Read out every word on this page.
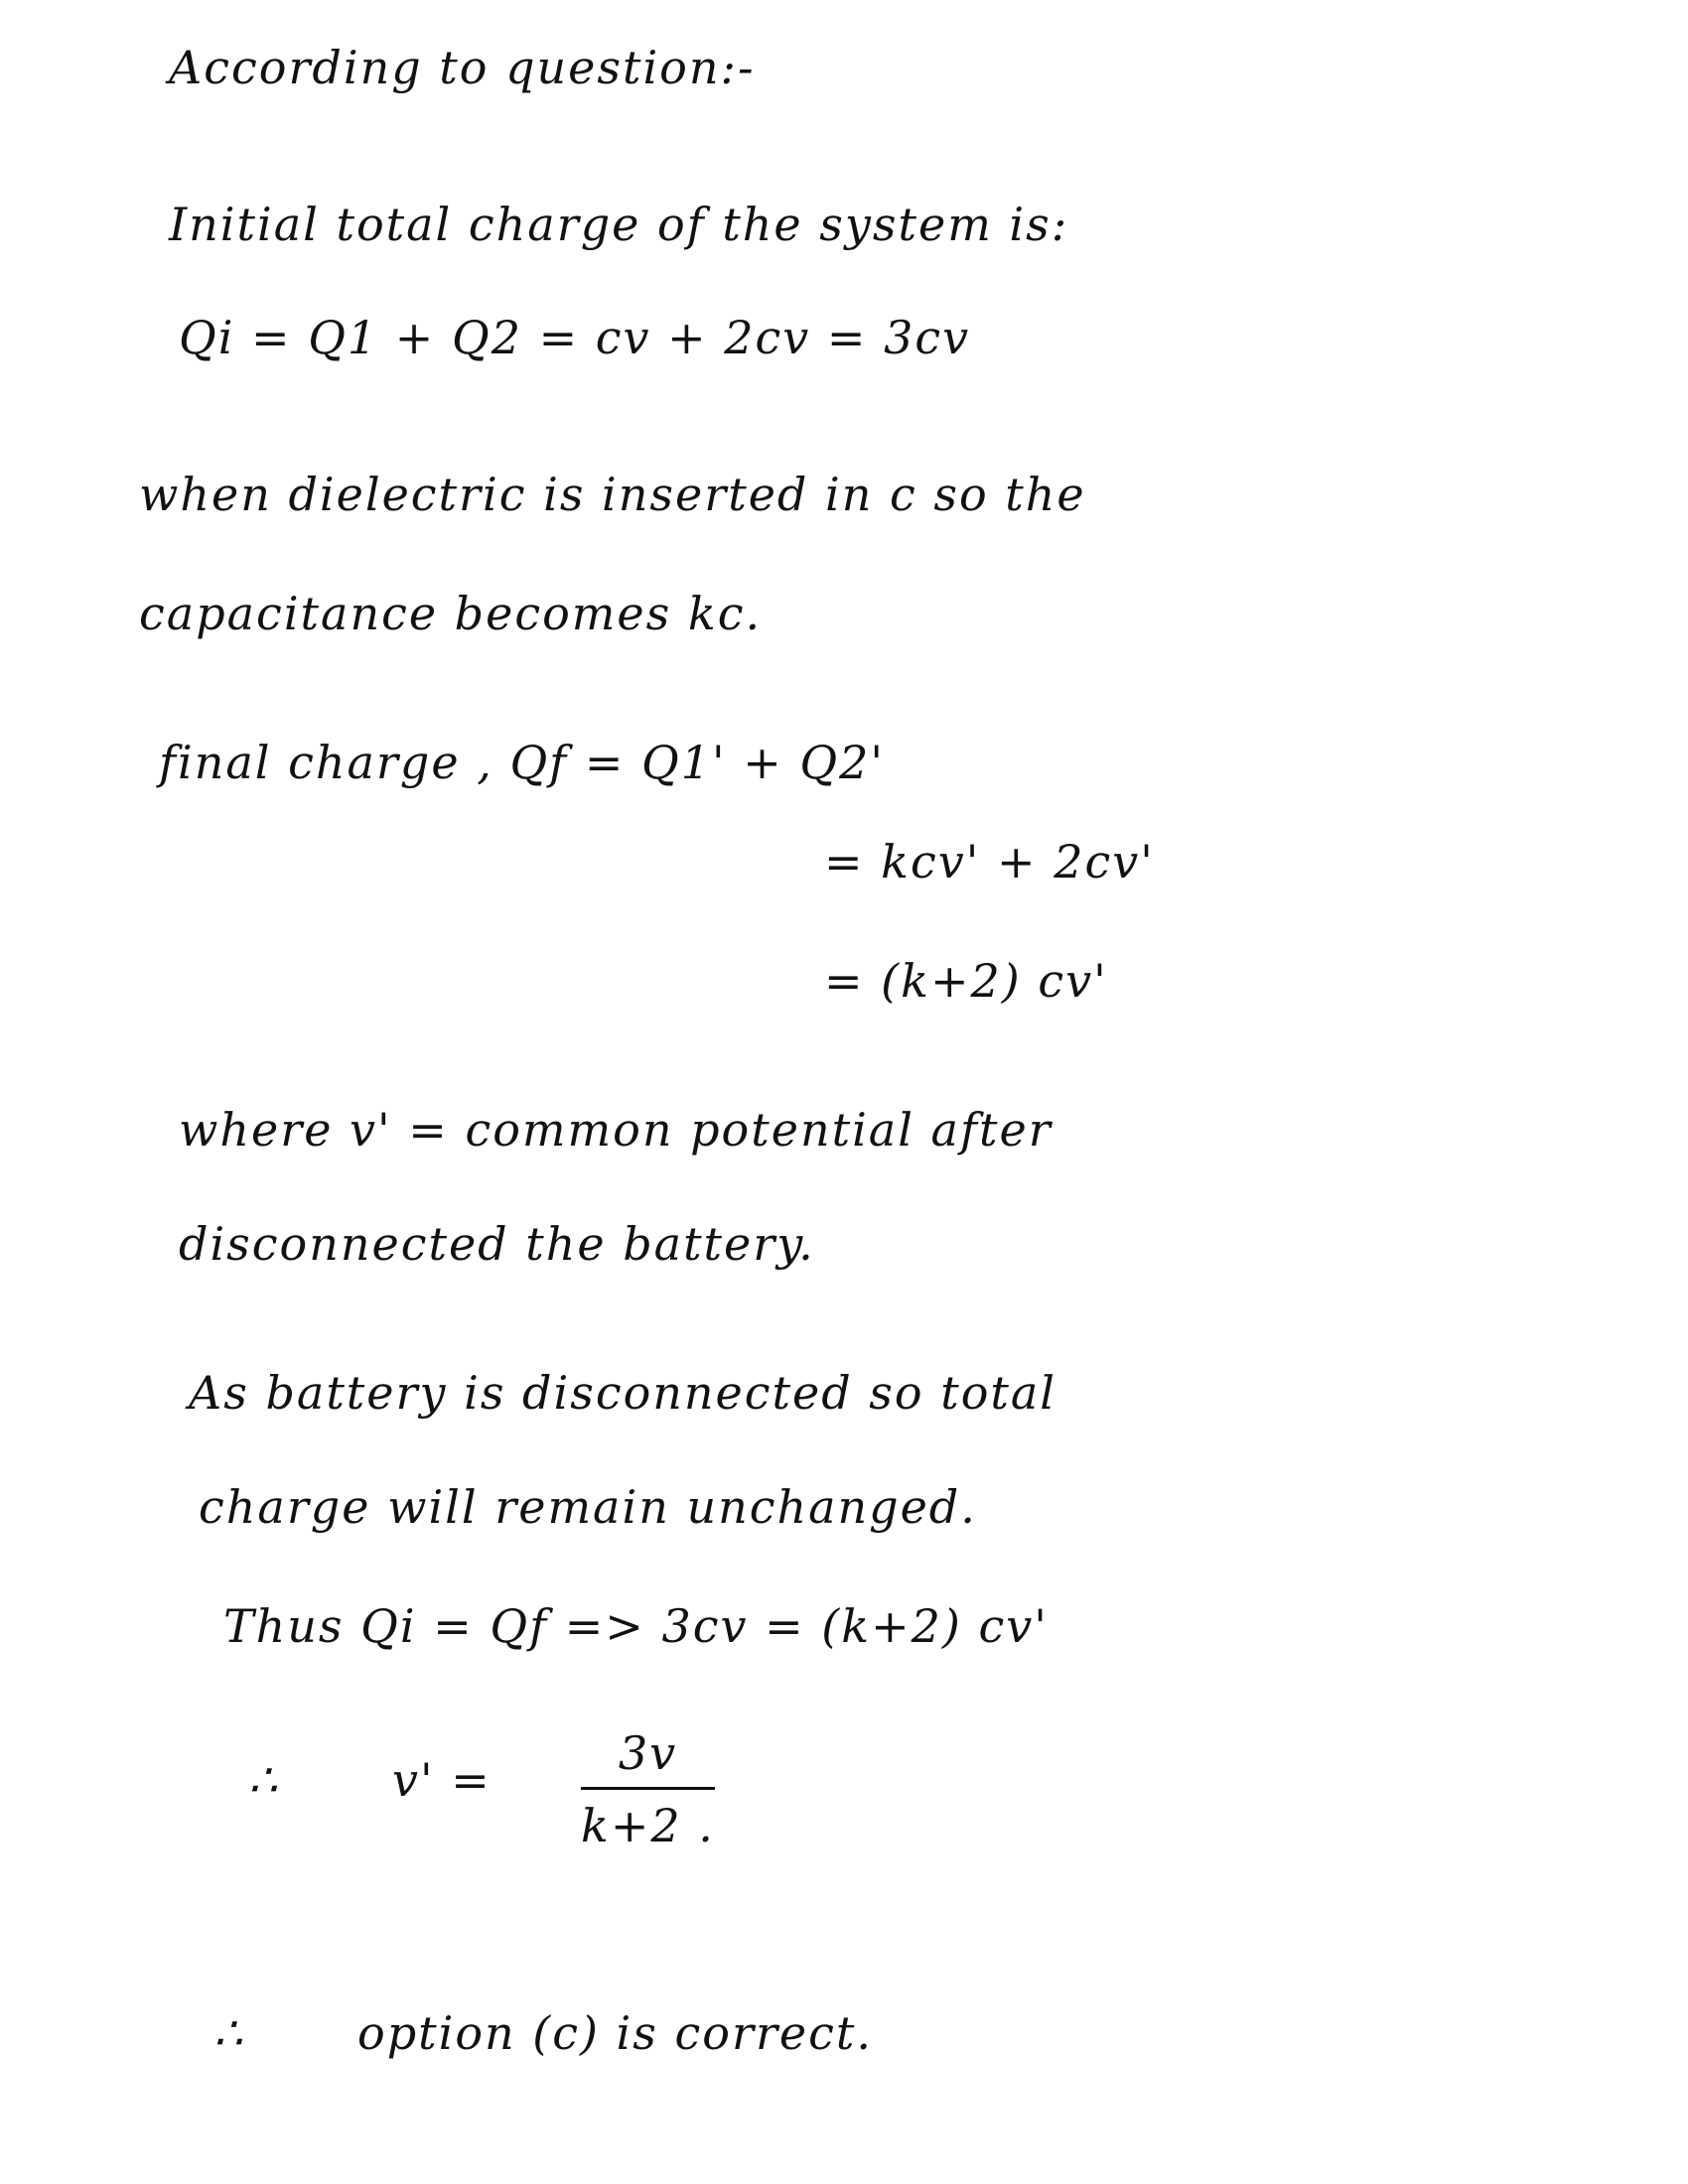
According to question:-
Initial total charge of the system is:
Qi = Q1 + Q2 = cv + 2cv = 3cv
when dielectric is inserted in c so the
capacitance becomes kc.
final charge , Qf = Q1' + Q2'
= kcv' + 2cv'
= (k+2) cv'
where v' = common potential after
disconnected the battery.
As battery is disconnected so total
charge will remain unchanged.
Thus Qi = Qf => 3cv = (k+2) cv'
∴	v' =	3v
k+2 .
∴	option (c) is correct.
